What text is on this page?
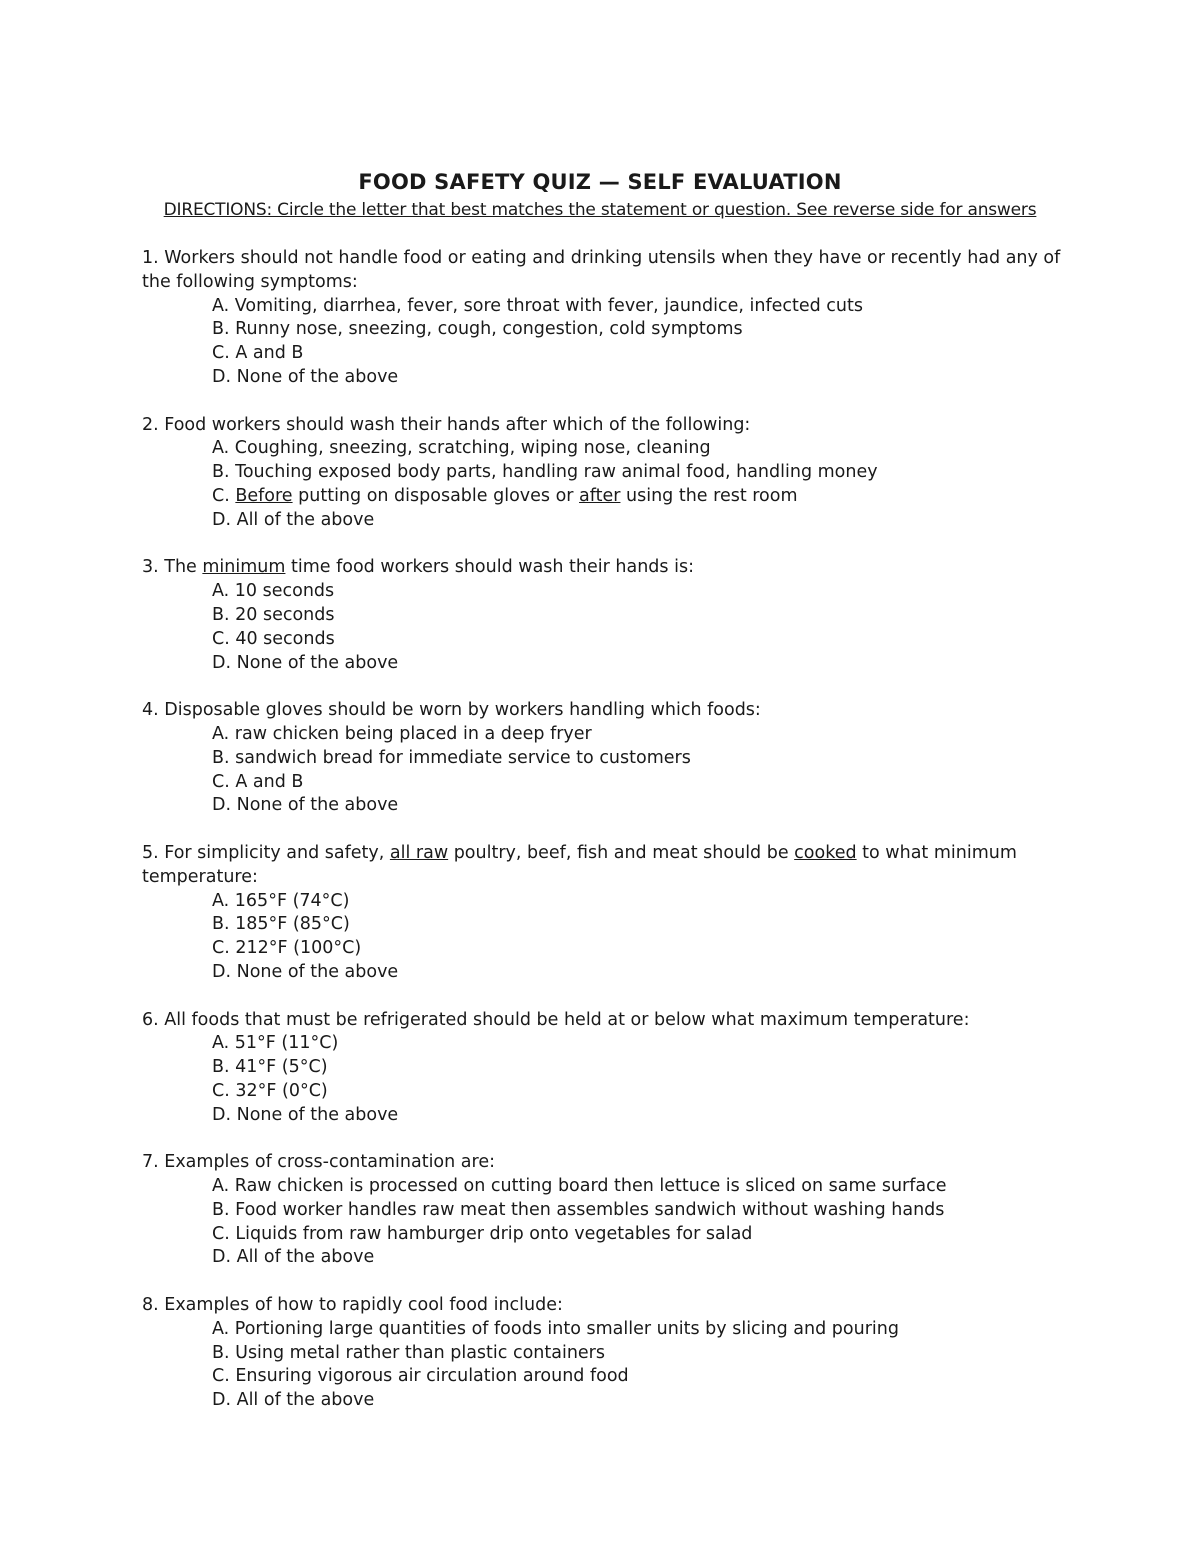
FOOD SAFETY QUIZ — SELF EVALUATION
DIRECTIONS: Circle the letter that best matches the statement or question. See reverse side for answers

1. Workers should not handle food or eating and drinking utensils when they have or recently had any of the following symptoms:

A. Vomiting, diarrhea, fever, sore throat with fever, jaundice, infected cuts

B. Runny nose, sneezing, cough, congestion, cold symptoms

C. A and B

D. None of the above

2. Food workers should wash their hands after which of the following:

A. Coughing, sneezing, scratching, wiping nose, cleaning

B. Touching exposed body parts, handling raw animal food, handling money

C. Before putting on disposable gloves or after using the rest room

D. All of the above

3. The minimum time food workers should wash their hands is:

A. 10 seconds

B. 20 seconds

C. 40 seconds

D. None of the above

4. Disposable gloves should be worn by workers handling which foods:

A. raw chicken being placed in a deep fryer

B. sandwich bread for immediate service to customers

C. A and B

D. None of the above

5. For simplicity and safety, all raw poultry, beef, fish and meat should be cooked to what minimum temperature:

A. 165°F (74°C)

B. 185°F (85°C)

C. 212°F (100°C)

D. None of the above

6. All foods that must be refrigerated should be held at or below what maximum temperature:

A. 51°F (11°C)

B. 41°F (5°C)

C. 32°F (0°C)

D. None of the above

7. Examples of cross-contamination are:

A. Raw chicken is processed on cutting board then lettuce is sliced on same surface

B. Food worker handles raw meat then assembles sandwich without washing hands

C. Liquids from raw hamburger drip onto vegetables for salad

D. All of the above

8. Examples of how to rapidly cool food include:

A. Portioning large quantities of foods into smaller units by slicing and pouring

B. Using metal rather than plastic containers

C. Ensuring vigorous air circulation around food

D. All of the above
